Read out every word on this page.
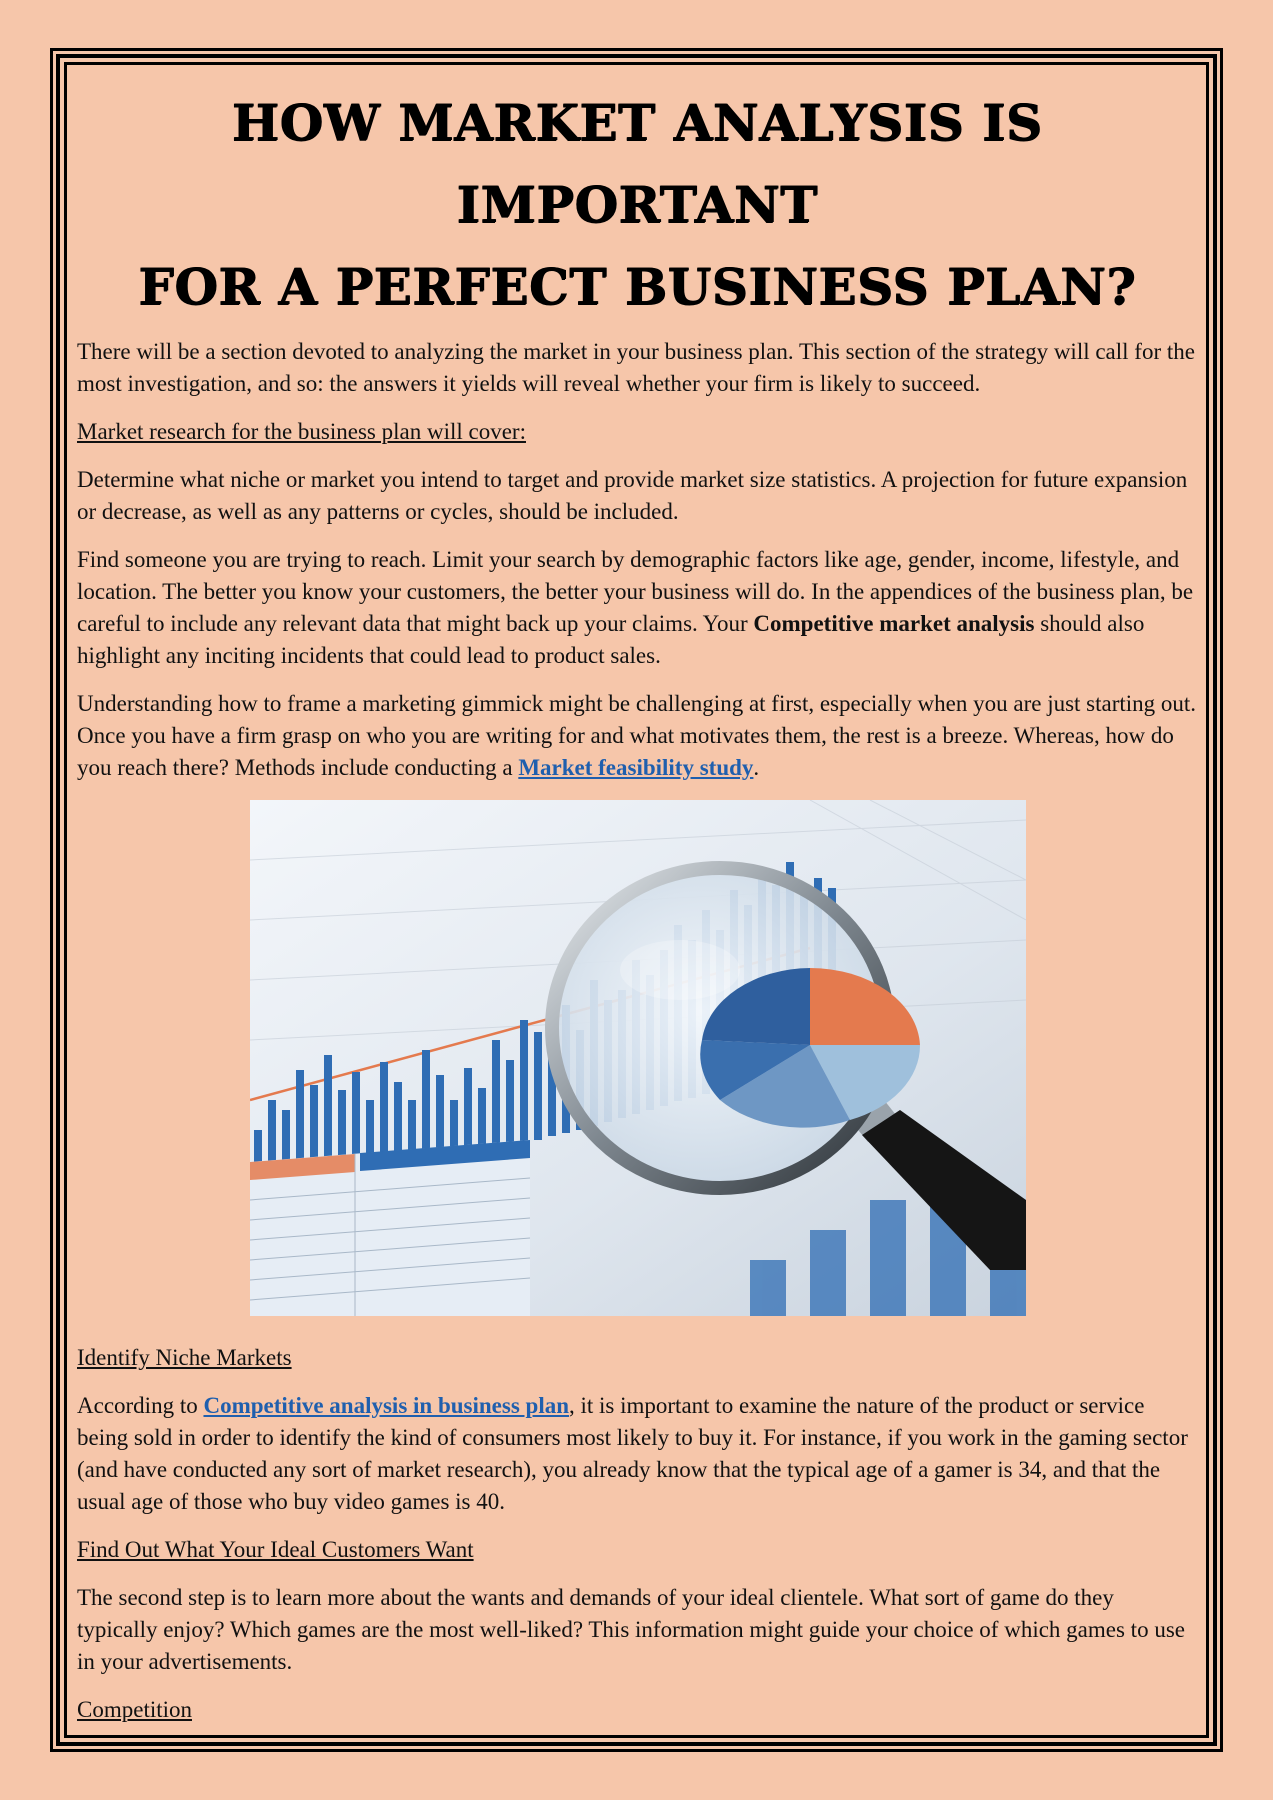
HOW MARKET ANALYSIS IS IMPORTANT
FOR A PERFECT BUSINESS PLAN?

There will be a section devoted to analyzing the market in your business plan. This section of the strategy will call for the most investigation, and so: the answers it yields will reveal whether your firm is likely to succeed.

Market research for the business plan will cover:

Determine what niche or market you intend to target and provide market size statistics. A projection for future expansion or decrease, as well as any patterns or cycles, should be included.

Find someone you are trying to reach. Limit your search by demographic factors like age, gender, income, lifestyle, and location. The better you know your customers, the better your business will do. In the appendices of the business plan, be careful to include any relevant data that might back up your claims. Your Competitive market analysis should also highlight any inciting incidents that could lead to product sales.

Understanding how to frame a marketing gimmick might be challenging at first, especially when you are just starting out. Once you have a firm grasp on who you are writing for and what motivates them, the rest is a breeze. Whereas, how do you reach there? Methods include conducting a Market feasibility study.

Identify Niche Markets

According to Competitive analysis in business plan, it is important to examine the nature of the product or service being sold in order to identify the kind of consumers most likely to buy it. For instance, if you work in the gaming sector (and have conducted any sort of market research), you already know that the typical age of a gamer is 34, and that the usual age of those who buy video games is 40.

Find Out What Your Ideal Customers Want

The second step is to learn more about the wants and demands of your ideal clientele. What sort of game do they typically enjoy? Which games are the most well-liked? This information might guide your choice of which games to use in your advertisements.

Competition
